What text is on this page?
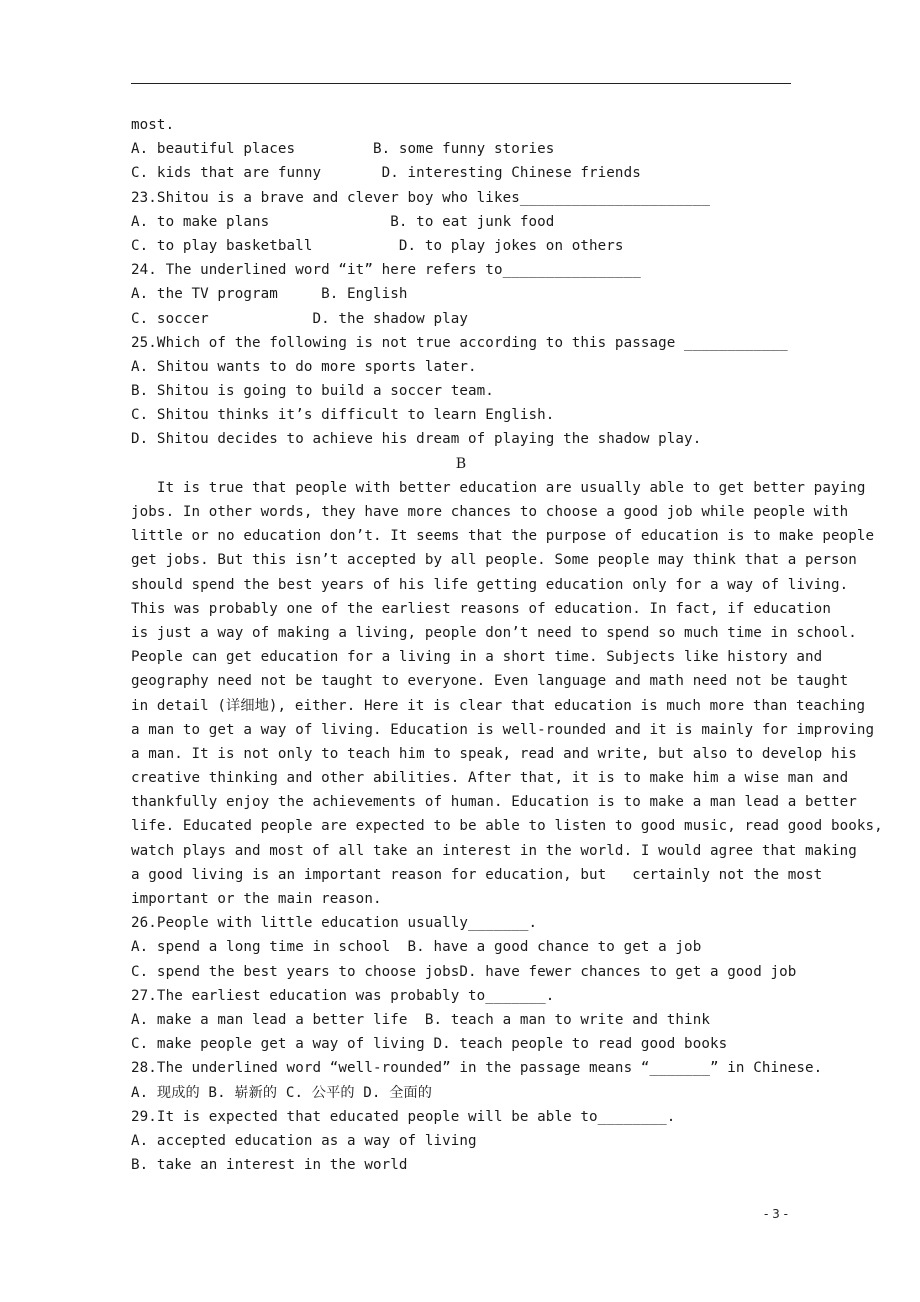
most.
A. beautiful places         B. some funny stories
C. kids that are funny       D. interesting Chinese friends
23.Shitou is a brave and clever boy who likes______________________
A. to make plans              B. to eat junk food
C. to play basketball          D. to play jokes on others
24. The underlined word “it” here refers to________________
A. the TV program     B. English
C. soccer            D. the shadow play
25.Which of the following is not true according to this passage ____________
A. Shitou wants to do more sports later.
B. Shitou is going to build a soccer team.
C. Shitou thinks it’s difficult to learn English.
D. Shitou decides to achieve his dream of playing the shadow play.
B
It is true that people with better education are usually able to get better paying
jobs. In other words, they have more chances to choose a good job while people with
little or no education don’t. It seems that the purpose of education is to make people
get jobs. But this isn’t accepted by all people. Some people may think that a person
should spend the best years of his life getting education only for a way of living.
This was probably one of the earliest reasons of education. In fact, if education
is just a way of making a living, people don’t need to spend so much time in school.
People can get education for a living in a short time. Subjects like history and
geography need not be taught to everyone. Even language and math need not be taught
in detail (详细地), either. Here it is clear that education is much more than teaching
a man to get a way of living. Education is well-rounded and it is mainly for improving
a man. It is not only to teach him to speak, read and write, but also to develop his
creative thinking and other abilities. After that, it is to make him a wise man and
thankfully enjoy the achievements of human. Education is to make a man lead a better
life. Educated people are expected to be able to listen to good music, read good books,
watch plays and most of all take an interest in the world. I would agree that making
a good living is an important reason for education, but   certainly not the most
important or the main reason.
26.People with little education usually_______.
A. spend a long time in school  B. have a good chance to get a job
C. spend the best years to choose jobsD. have fewer chances to get a good job
27.The earliest education was probably to_______.
A. make a man lead a better life  B. teach a man to write and think
C. make people get a way of living D. teach people to read good books
28.The underlined word “well-rounded” in the passage means “_______” in Chinese.
A. 现成的 B. 崭新的 C. 公平的 D. 全面的
29.It is expected that educated people will be able to________.
A. accepted education as a way of living
B. take an interest in the world
- 3 -
